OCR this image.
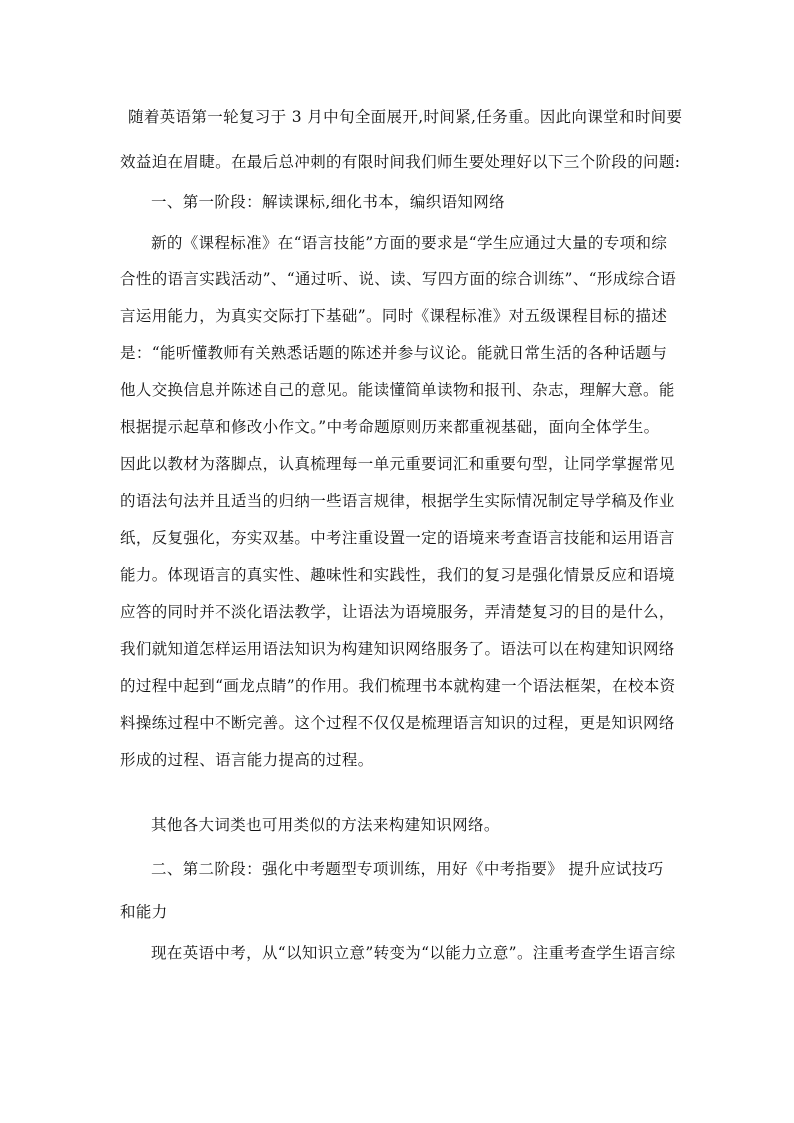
随着英语第一轮复习于 3 月中旬全面展开,时间紧,任务重。因此向课堂和时间要
效益迫在眉睫。在最后总冲刺的有限时间我们师生要处理好以下三个阶段的问题:
一、第一阶段：解读课标,细化书本，编织语知网络
新的《课程标准》在“语言技能”方面的要求是“学生应通过大量的专项和综
合性的语言实践活动”、“通过听、说、读、写四方面的综合训练”、“形成综合语
言运用能力，为真实交际打下基础”。同时《课程标准》对五级课程目标的描述
是：“能听懂教师有关熟悉话题的陈述并参与议论。能就日常生活的各种话题与
他人交换信息并陈述自己的意见。能读懂简单读物和报刊、杂志，理解大意。能
根据提示起草和修改小作文。”中考命题原则历来都重视基础，面向全体学生。
因此以教材为落脚点，认真梳理每一单元重要词汇和重要句型，让同学掌握常见
的语法句法并且适当的归纳一些语言规律，根据学生实际情况制定导学稿及作业
纸，反复强化，夯实双基。中考注重设置一定的语境来考查语言技能和运用语言
能力。体现语言的真实性、趣味性和实践性，我们的复习是强化情景反应和语境
应答的同时并不淡化语法教学，让语法为语境服务，弄清楚复习的目的是什么，
我们就知道怎样运用语法知识为构建知识网络服务了。语法可以在构建知识网络
的过程中起到“画龙点睛”的作用。我们梳理书本就构建一个语法框架，在校本资
料操练过程中不断完善。这个过程不仅仅是梳理语言知识的过程，更是知识网络
形成的过程、语言能力提高的过程。
其他各大词类也可用类似的方法来构建知识网络。
二、第二阶段：强化中考题型专项训练，用好《中考指要》 提升应试技巧
和能力
现在英语中考，从“以知识立意”转变为“以能力立意”。注重考查学生语言综
